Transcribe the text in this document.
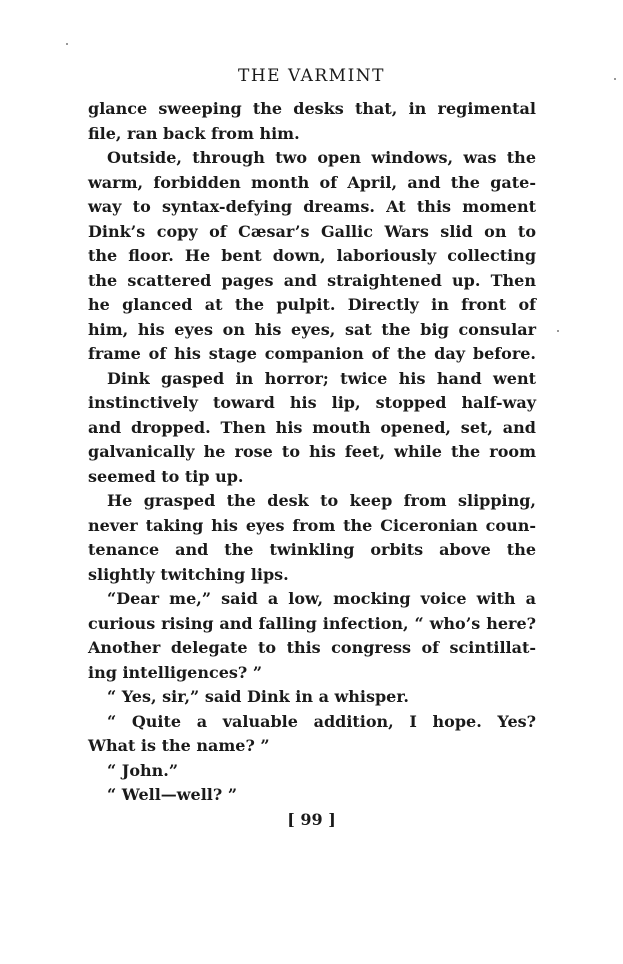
THE VARMINT

glance sweeping the desks that, in regimental

file, ran back from him.

Outside, through two open windows, was the

warm, forbidden month of April, and the gate-

way to syntax-defying dreams. At this moment

Dink’s copy of Cæsar’s Gallic Wars slid on to

the floor. He bent down, laboriously collecting

the scattered pages and straightened up. Then

he glanced at the pulpit. Directly in front of

him, his eyes on his eyes, sat the big consular

frame of his stage companion of the day before.

Dink gasped in horror; twice his hand went

instinctively toward his lip, stopped half-way

and dropped. Then his mouth opened, set, and

galvanically he rose to his feet, while the room

seemed to tip up.

He grasped the desk to keep from slipping,

never taking his eyes from the Ciceronian coun-

tenance and the twinkling orbits above the

slightly twitching lips.

“Dear me,” said a low, mocking voice with a

curious rising and falling infection, “ who’s here?

Another delegate to this congress of scintillat-

ing intelligences? ”

“ Yes, sir,” said Dink in a whisper.

“ Quite a valuable addition, I hope. Yes?

What is the name? ”

“ John.”

“ Well—well? ”

[ 99 ]
